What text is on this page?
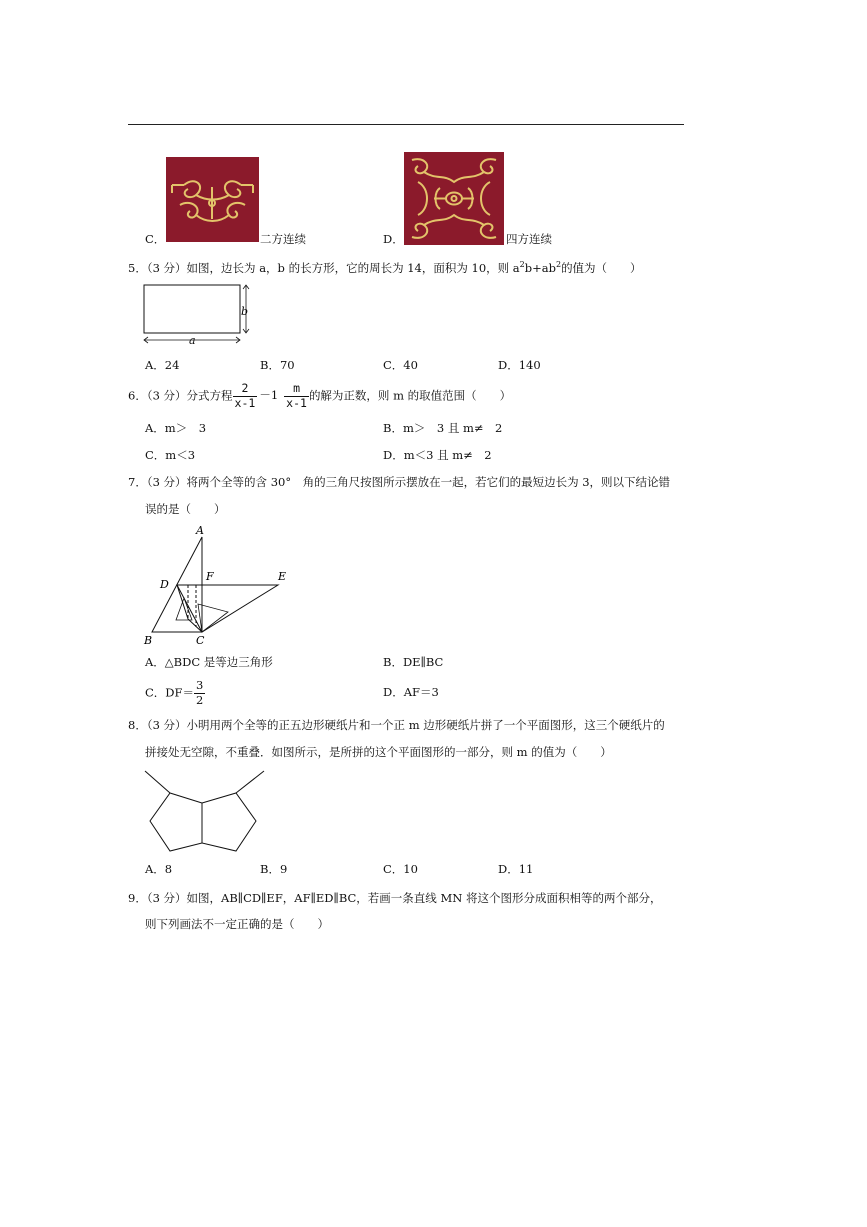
C．	二方连续	D．	四方连续
5．（3 分）如图，边长为 a，b 的长方形，它的周长为 14，面积为 10，则 $a^2b+ab^2$的值为（　　）
b
a
A．24	B．70	C．40	D．140
6．（3 分）分式方程 $\frac{2}{x-1} -1 \frac{m}{x-1}$ 的解为正数，则 m 的取值范围（　　）
A．m＞　3	B．m＞　3 且 m≠　2
C．m＜3	D．m＜3 且 m≠　2
7．（3 分）将两个全等的含 30°　角的三角尺按图所示摆放在一起，若它们的最短边长为 3，则以下结论错
误的是（　　）
A
B	C
D
E
F
A．△BDC 是等边三角形	B．DE∥BC
C．$DF= \frac{3}{2}$	D．AF＝3
8．（3 分）小明用两个全等的正五边形硬纸片和一个正 m 边形硬纸片拼了一个平面图形，这三个硬纸片的
拼接处无空隙，不重叠．如图所示，是所拼的这个平面图形的一部分，则 m 的值为（　　）
A．8	B．9	C．10	D．11
9．（3 分）如图，AB∥CD∥EF，AF∥ED∥BC，若画一条直线 MN 将这个图形分成面积相等的两个部分，
则下列画法不一定正确的是（　　）
